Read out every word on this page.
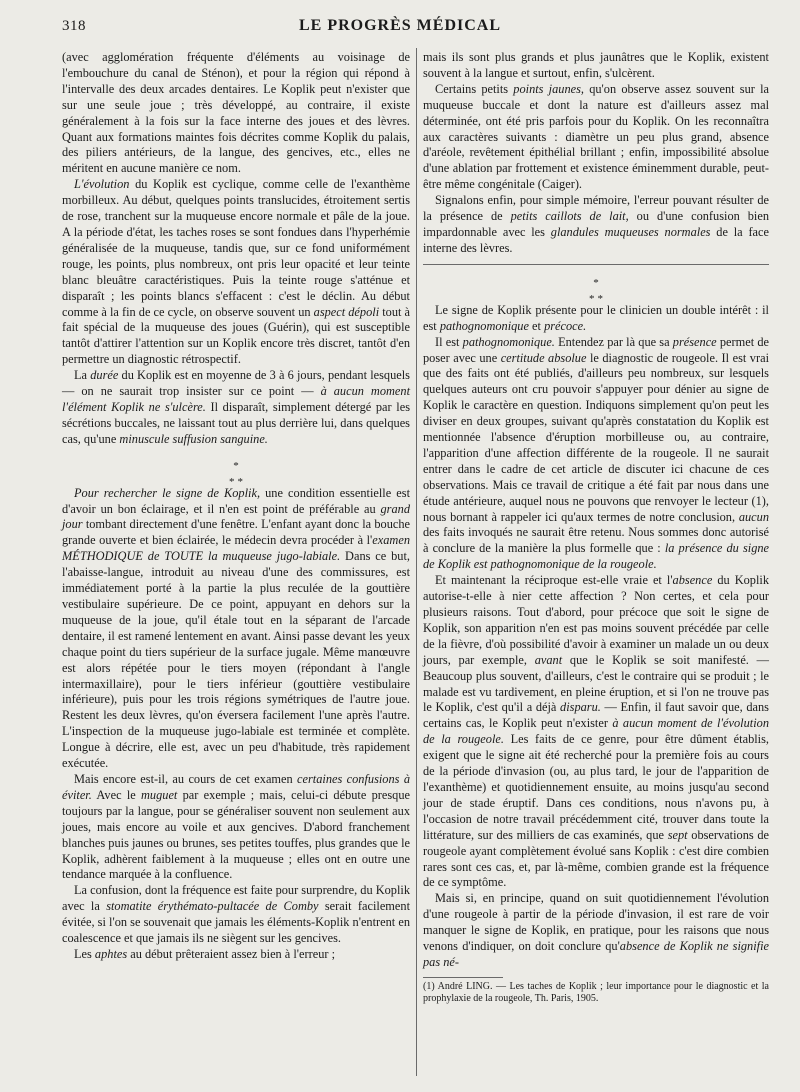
318	LE PROGRÈS MÉDICAL

(avec agglomération fréquente d'éléments au voisinage de l'embouchure du canal de Sténon), et pour la région qui répond à l'intervalle des deux arcades dentaires. Le Koplik peut n'exister que sur une seule joue ; très développé, au contraire, il existe généralement à la fois sur la face interne des joues et des lèvres. Quant aux formations maintes fois décrites comme Koplik du palais, des piliers antérieurs, de la langue, des gencives, etc., elles ne méritent en aucune manière ce nom.

L'évolution du Koplik est cyclique, comme celle de l'exanthème morbilleux. Au début, quelques points translucides, étroitement sertis de rose, tranchent sur la muqueuse encore normale et pâle de la joue. A la période d'état, les taches roses se sont fondues dans l'hyperhémie généralisée de la muqueuse, tandis que, sur ce fond uniformément rouge, les points, plus nombreux, ont pris leur opacité et leur teinte blanc bleuâtre caractéristiques. Puis la teinte rouge s'atténue et disparaît ; les points blancs s'effacent : c'est le déclin. Au début comme à la fin de ce cycle, on observe souvent un aspect dépoli tout à fait spécial de la muqueuse des joues (Guérin), qui est susceptible tantôt d'attirer l'attention sur un Koplik encore très discret, tantôt d'en permettre un diagnostic rétrospectif.

La durée du Koplik est en moyenne de 3 à 6 jours, pendant lesquels — on ne saurait trop insister sur ce point — à aucun moment l'élément Koplik ne s'ulcère. Il disparaît, simplement détergé par les sécrétions buccales, ne laissant tout au plus derrière lui, dans quelques cas, qu'une minuscule suffusion sanguine.

*
* *

Pour rechercher le signe de Koplik, une condition essentielle est d'avoir un bon éclairage, et il n'en est point de préférable au grand jour tombant directement d'une fenêtre. L'enfant ayant donc la bouche grande ouverte et bien éclairée, le médecin devra procéder à l'examen MÉTHODIQUE de TOUTE la muqueuse jugo-labiale. Dans ce but, l'abaisse-langue, introduit au niveau d'une des commissures, est immédiatement porté à la partie la plus reculée de la gouttière vestibulaire supérieure. De ce point, appuyant en dehors sur la muqueuse de la joue, qu'il étale tout en la séparant de l'arcade dentaire, il est ramené lentement en avant. Ainsi passe devant les yeux chaque point du tiers supérieur de la surface jugale. Même manœuvre est alors répétée pour le tiers moyen (répondant à l'angle intermaxillaire), pour le tiers inférieur (gouttière vestibulaire inférieure), puis pour les trois régions symétriques de l'autre joue. Restent les deux lèvres, qu'on éversera facilement l'une après l'autre. L'inspection de la muqueuse jugo-labiale est terminée et complète. Longue à décrire, elle est, avec un peu d'habitude, très rapidement exécutée.

Mais encore est-il, au cours de cet examen certaines confusions à éviter. Avec le muguet par exemple ; mais, celui-ci débute presque toujours par la langue, pour se généraliser souvent non seulement aux joues, mais encore au voile et aux gencives. D'abord franchement blanches puis jaunes ou brunes, ses petites touffes, plus grandes que le Koplik, adhèrent faiblement à la muqueuse ; elles ont en outre une tendance marquée à la confluence.

La confusion, dont la fréquence est faite pour surprendre, du Koplik avec la stomatite érythémato-pultacée de Comby serait facilement évitée, si l'on se souvenait que jamais les éléments-Koplik n'entrent en coalescence et que jamais ils ne siègent sur les gencives.

Les aphtes au début prêteraient assez bien à l'erreur ;

mais ils sont plus grands et plus jaunâtres que le Koplik, existent souvent à la langue et surtout, enfin, s'ulcèrent.

Certains petits points jaunes, qu'on observe assez souvent sur la muqueuse buccale et dont la nature est d'ailleurs assez mal déterminée, ont été pris parfois pour du Koplik. On les reconnaîtra aux caractères suivants : diamètre un peu plus grand, absence d'aréole, revêtement épithélial brillant ; enfin, impossibilité absolue d'une ablation par frottement et existence éminemment durable, peut-être même congénitale (Caiger).

Signalons enfin, pour simple mémoire, l'erreur pouvant résulter de la présence de petits caillots de lait, ou d'une confusion bien impardonnable avec les glandules muqueuses normales de la face interne des lèvres.

*
* *

Le signe de Koplik présente pour le clinicien un double intérêt : il est pathognomonique et précoce.

Il est pathognomonique. Entendez par là que sa présence permet de poser avec une certitude absolue le diagnostic de rougeole. Il est vrai que des faits ont été publiés, d'ailleurs peu nombreux, sur lesquels quelques auteurs ont cru pouvoir s'appuyer pour dénier au signe de Koplik le caractère en question. Indiquons simplement qu'on peut les diviser en deux groupes, suivant qu'après constatation du Koplik est mentionnée l'absence d'éruption morbilleuse ou, au contraire, l'apparition d'une affection différente de la rougeole. Il ne saurait entrer dans le cadre de cet article de discuter ici chacune de ces observations. Mais ce travail de critique a été fait par nous dans une étude antérieure, auquel nous ne pouvons que renvoyer le lecteur (1), nous bornant à rappeler ici qu'aux termes de notre conclusion, aucun des faits invoqués ne saurait être retenu. Nous sommes donc autorisé à conclure de la manière la plus formelle que : la présence du signe de Koplik est pathognomonique de la rougeole.

Et maintenant la réciproque est-elle vraie et l'absence du Koplik autorise-t-elle à nier cette affection ? Non certes, et cela pour plusieurs raisons. Tout d'abord, pour précoce que soit le signe de Koplik, son apparition n'en est pas moins souvent précédée par celle de la fièvre, d'où possibilité d'avoir à examiner un malade un ou deux jours, par exemple, avant que le Koplik se soit manifesté. — Beaucoup plus souvent, d'ailleurs, c'est le contraire qui se produit ; le malade est vu tardivement, en pleine éruption, et si l'on ne trouve pas le Koplik, c'est qu'il a déjà disparu. — Enfin, il faut savoir que, dans certains cas, le Koplik peut n'exister à aucun moment de l'évolution de la rougeole. Les faits de ce genre, pour être dûment établis, exigent que le signe ait été recherché pour la première fois au cours de la période d'invasion (ou, au plus tard, le jour de l'apparition de l'exanthème) et quotidiennement ensuite, au moins jusqu'au second jour de stade éruptif. Dans ces conditions, nous n'avons pu, à l'occasion de notre travail précédemment cité, trouver dans toute la littérature, sur des milliers de cas examinés, que sept observations de rougeole ayant complètement évolué sans Koplik : c'est dire combien rares sont ces cas, et, par là-même, combien grande est la fréquence de ce symptôme.

Mais si, en principe, quand on suit quotidiennement l'évolution d'une rougeole à partir de la période d'invasion, il est rare de voir manquer le signe de Koplik, en pratique, pour les raisons que nous venons d'indiquer, on doit conclure qu'absence de Koplik ne signifie pas né-

(1) André LING. — Les taches de Koplik ; leur importance pour le diagnostic et la prophylaxie de la rougeole, Th. Paris, 1905.
